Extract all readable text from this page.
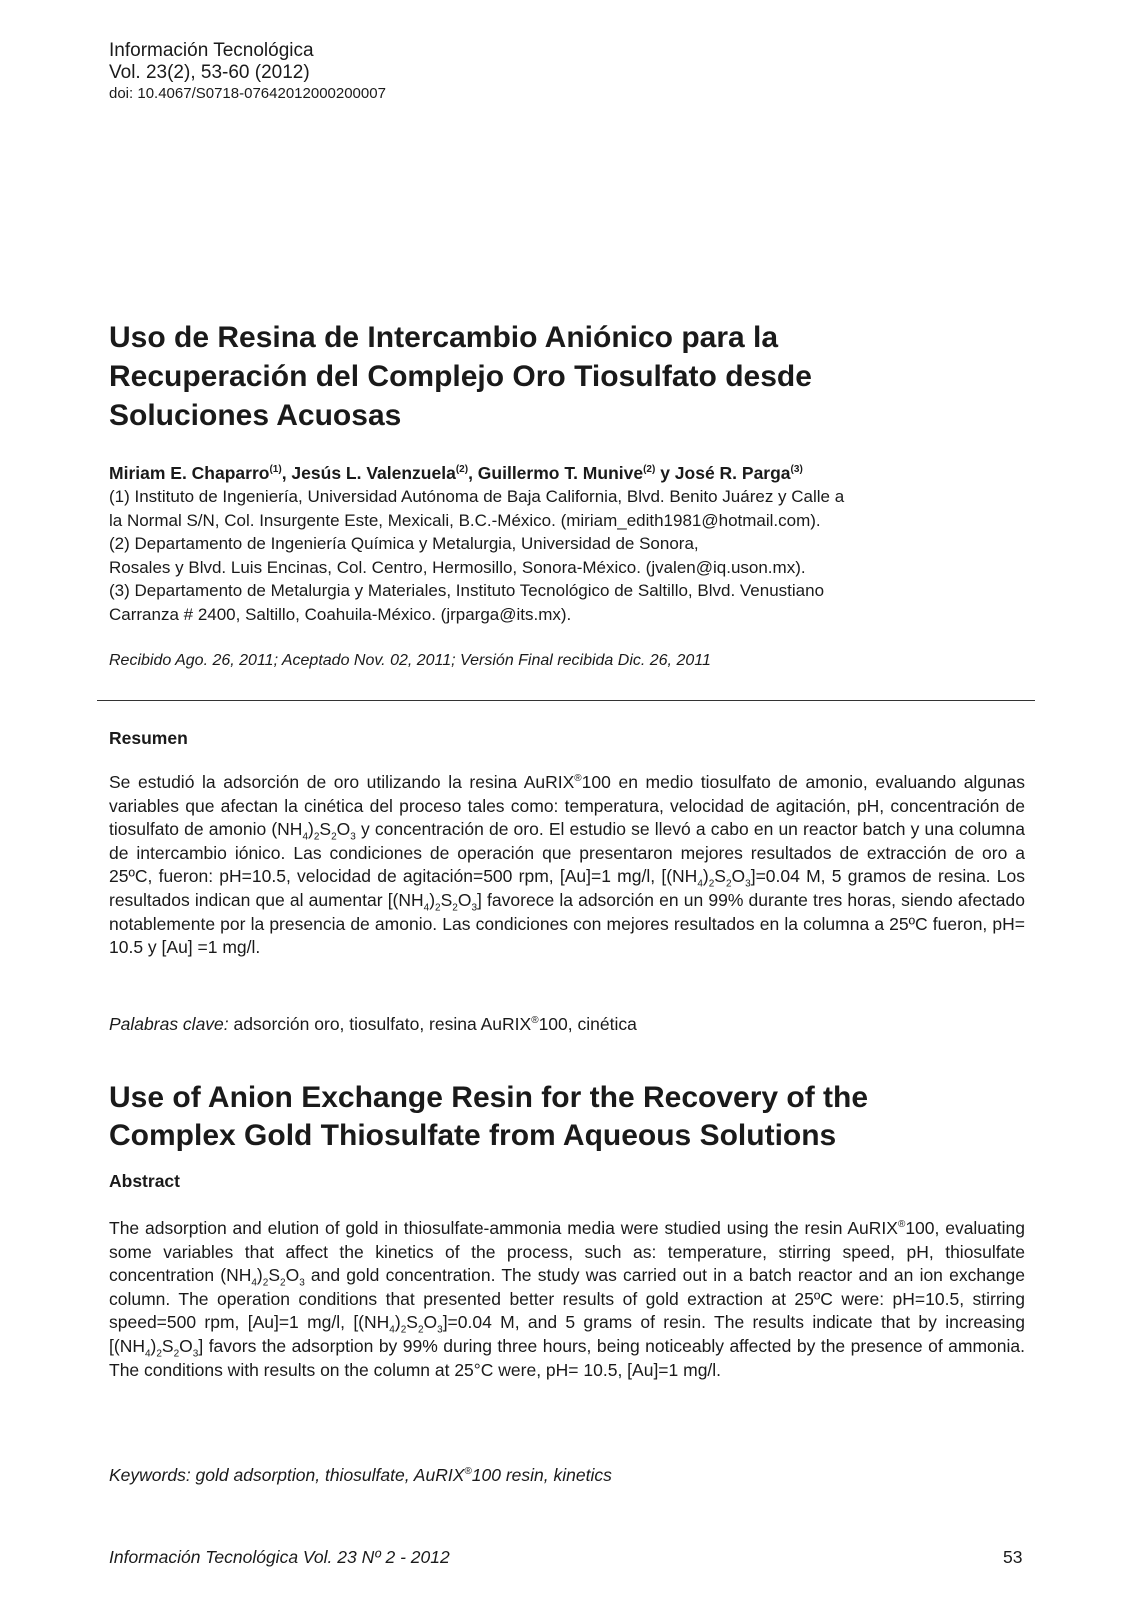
Información Tecnológica
Vol. 23(2), 53-60 (2012)
doi: 10.4067/S0718-07642012000200007
Uso de Resina de Intercambio Aniónico para la
Recuperación del Complejo Oro Tiosulfato desde
Soluciones Acuosas
Miriam E. Chaparro$^{(1)}$, Jesús L. Valenzuela$^{(2)}$, Guillermo T. Munive$^{(2)}$ y José R. Parga$^{(3)}$
(1) Instituto de Ingeniería, Universidad Autónoma de Baja California, Blvd. Benito Juárez y Calle a
la Normal S/N, Col. Insurgente Este, Mexicali, B.C.-México. (miriam_edith1981@hotmail.com).
(2) Departamento de Ingeniería Química y Metalurgia, Universidad de Sonora,
Rosales y Blvd. Luis Encinas, Col. Centro, Hermosillo, Sonora-México. (jvalen@iq.uson.mx).
(3) Departamento de Metalurgia y Materiales, Instituto Tecnológico de Saltillo, Blvd. Venustiano
Carranza # 2400, Saltillo, Coahuila-México. (jrparga@its.mx).
Recibido Ago. 26, 2011; Aceptado Nov. 02, 2011; Versión Final recibida Dic. 26, 2011
Resumen

Se estudió la adsorción de oro utilizando la resina AuRIX®100 en medio tiosulfato de amonio, evaluando algunas variables que afectan la cinética del proceso tales como: temperatura, velocidad de agitación, pH, concentración de tiosulfato de amonio $(NH_4)_2S_2O_3$ y concentración de oro. El estudio se llevó a cabo en un reactor batch y una columna de intercambio iónico. Las condiciones de operación que presentaron mejores resultados de extracción de oro a 25ºC, fueron: pH=10.5, velocidad de agitación=500 rpm, [Au]=1 mg/l, $[(NH_4)_2S_2O_3]=0.04$ M, 5 gramos de resina. Los resultados indican que al aumentar $[(NH_4)_2S_2O_3]$ favorece la adsorción en un 99% durante tres horas, siendo afectado notablemente por la presencia de amonio. Las condiciones con mejores resultados en la columna a 25ºC fueron, pH= 10.5 y [Au] =1 mg/l.

Palabras clave: adsorción oro, tiosulfato, resina AuRIX®100, cinética
Use of Anion Exchange Resin for the Recovery of the
Complex Gold Thiosulfate from Aqueous Solutions
Abstract

The adsorption and elution of gold in thiosulfate-ammonia media were studied using the resin AuRIX®100, evaluating some variables that affect the kinetics of the process, such as: temperature, stirring speed, pH, thiosulfate concentration $(NH_4)_2S_2O_3$ and gold concentration. The study was carried out in a batch reactor and an ion exchange column. The operation conditions that presented better results of gold extraction at 25ºC were: pH=10.5, stirring speed=500 rpm, [Au]=1 mg/l, $[(NH_4)_2S_2O_3]=0.04$ M, and 5 grams of resin. The results indicate that by increasing $[(NH_4)_2S_2O_3]$ favors the adsorption by 99% during three hours, being noticeably affected by the presence of ammonia. The conditions with results on the column at 25°C were, pH= 10.5, [Au]=1 mg/l.

Keywords: gold adsorption, thiosulfate, AuRIX®100 resin, kinetics
Información Tecnológica Vol. 23 Nº 2 - 2012	53
